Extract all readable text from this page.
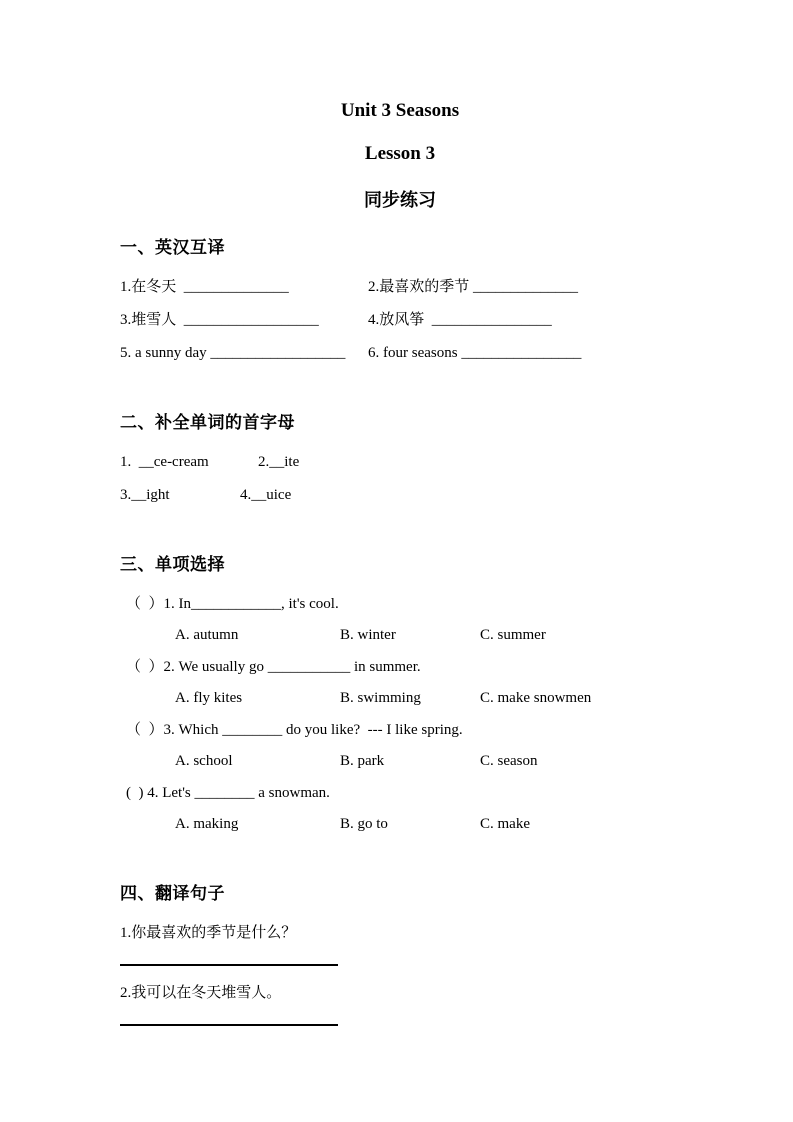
Unit 3 Seasons
Lesson 3
同步练习
一、英汉互译
1.在冬天  ______________	2.最喜欢的季节 ______________
3.堆雪人  __________________	4.放风筝  ________________
5. a sunny day __________________	6. four seasons ________________
二、补全单词的首字母
1.  __ce-cream	2.__ite
3.__ight	4.__uice
三、单项选择
（  ）1. In____________, it's cool.
A. autumn	B. winter	C. summer
（  ）2. We usually go ___________ in summer.
A. fly kites	B. swimming	C. make snowmen
（  ）3. Which ________ do you like?  --- I like spring.
A. school	B. park	C. season
(  ) 4. Let's ________ a snowman.
A. making	B. go to	C. make
四、翻译句子
1.你最喜欢的季节是什么？
2.我可以在冬天堆雪人。
